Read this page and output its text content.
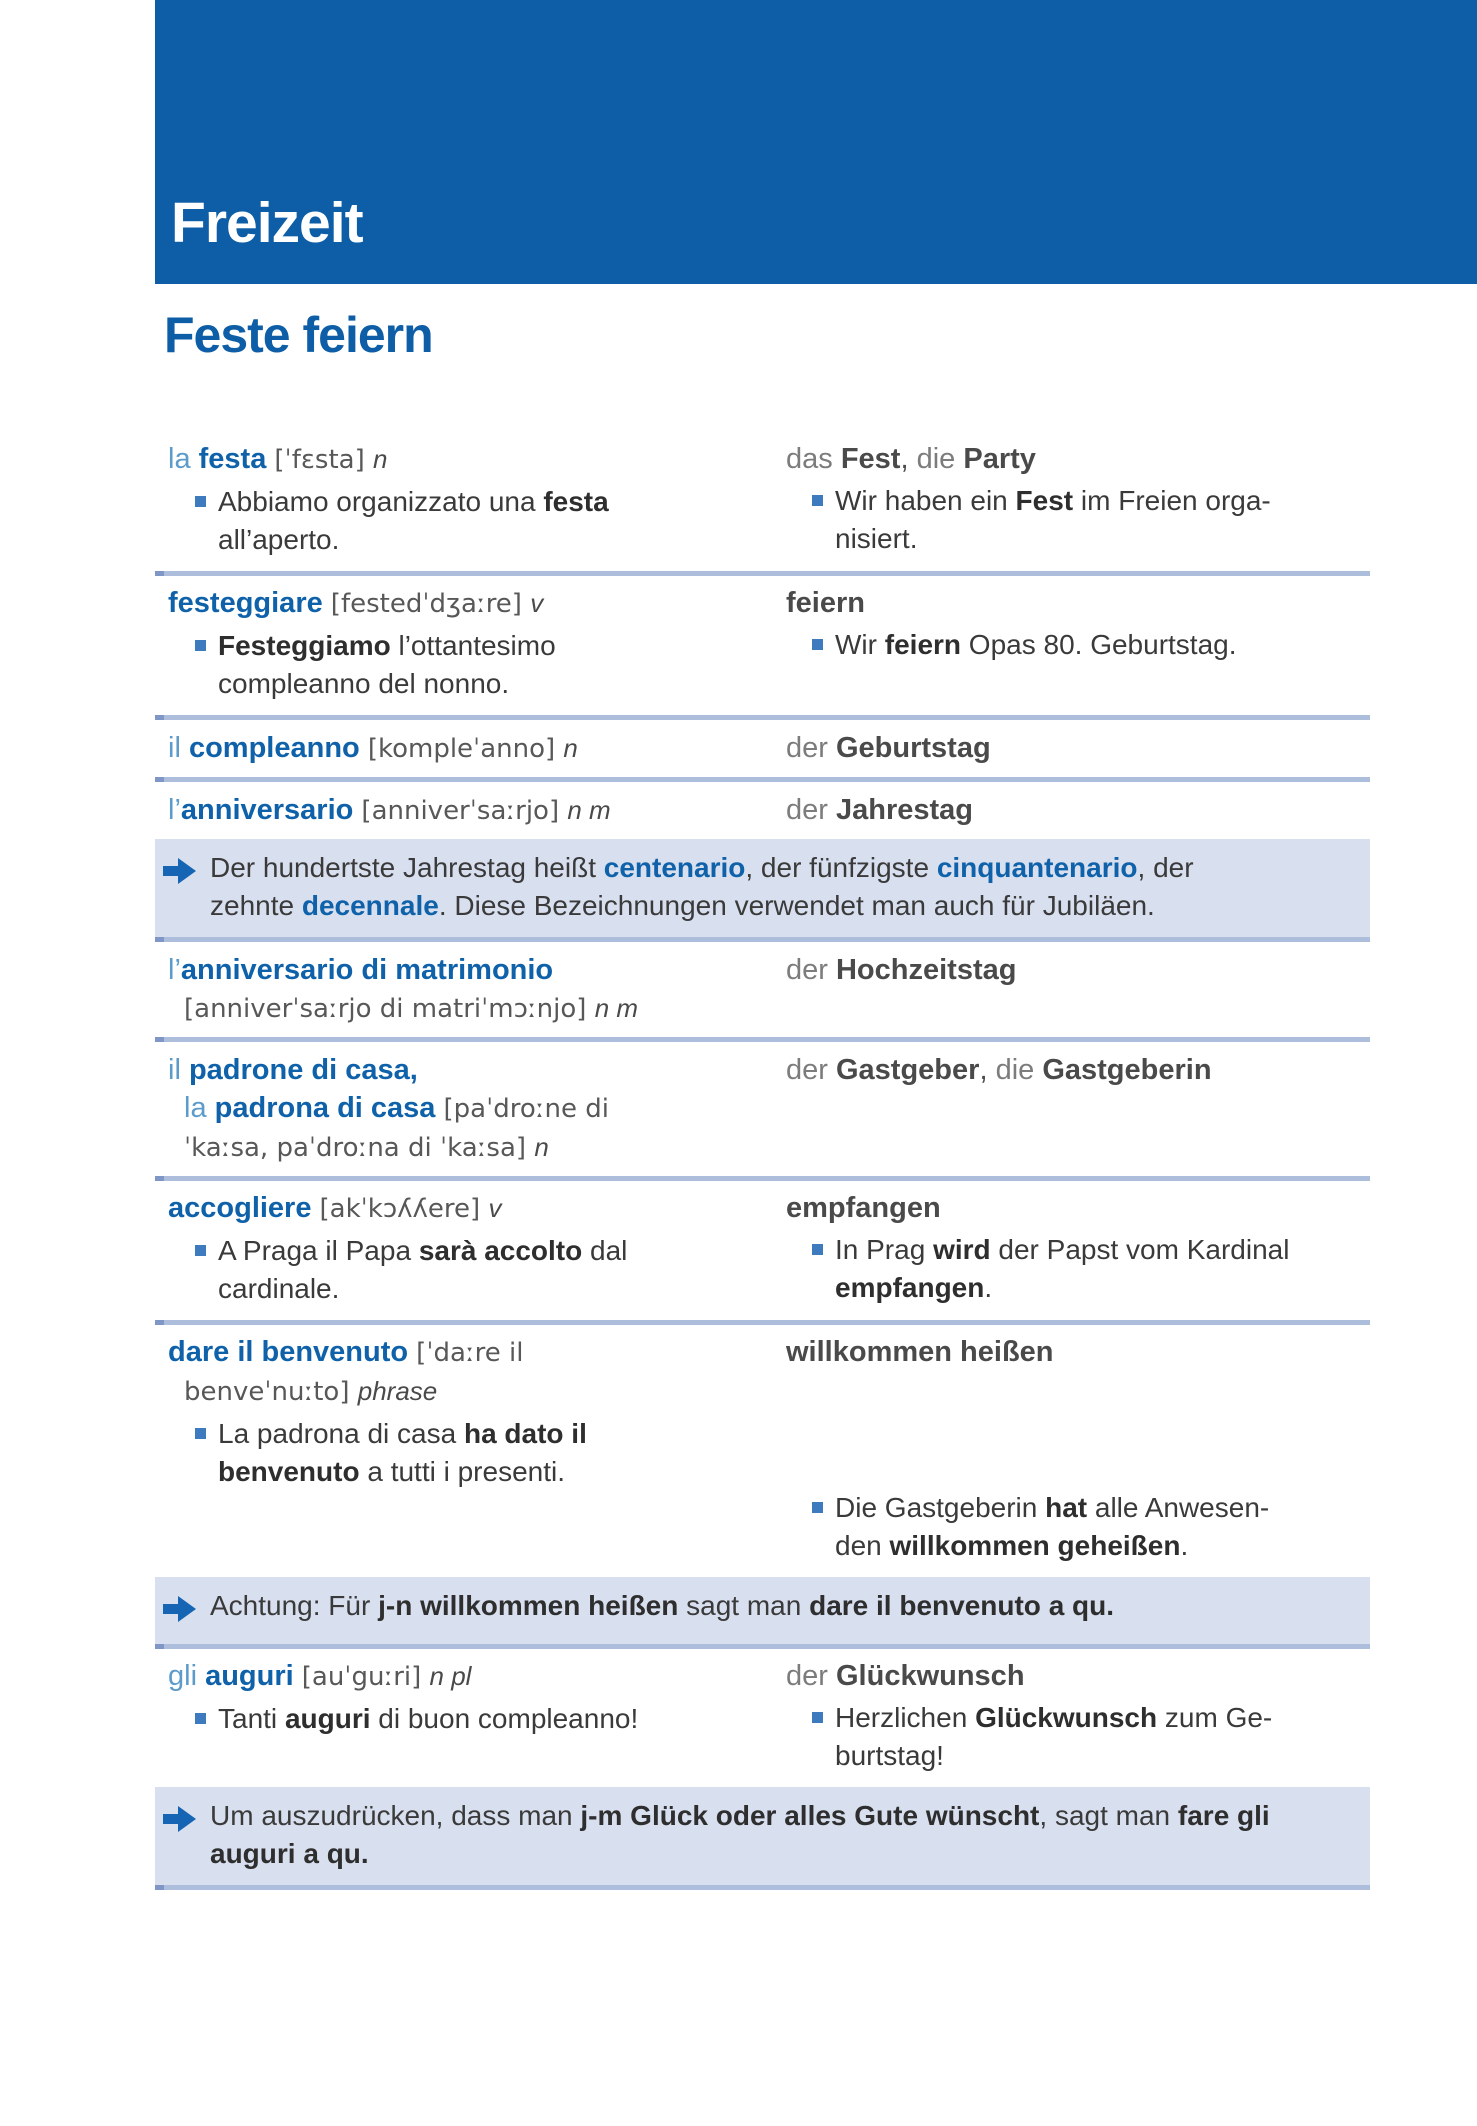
Freizeit
Feste feiern
la festa [ˈfɛsta] n
Abbiamo organizzato una festa
all’aperto.
das Fest, die Party
Wir haben ein Fest im Freien orga-
nisiert.
festeggiare [festedˈdʒaːre] v
Festeggiamo l’ottantesimo
compleanno del nonno.
feiern
Wir feiern Opas 80. Geburtstag.
il compleanno [kompleˈanno] n	der Geburtstag
l’anniversario [anniverˈsaːrjo] n m	der Jahrestag
Der hundertste Jahrestag heißt centenario, der fünfzigste cinquantenario, der
zehnte decennale. Diese Bezeichnungen verwendet man auch für Jubiläen.
l’anniversario di matrimonio
[anniverˈsaːrjo di matriˈmɔːnjo] n m
der Hochzeitstag
il padrone di casa,
la padrona di casa [paˈdroːne di
ˈkaːsa, paˈdroːna di ˈkaːsa] n
der Gastgeber, die Gastgeberin
accogliere [akˈkɔʎʎere] v
A Praga il Papa sarà accolto dal
cardinale.
empfangen
In Prag wird der Papst vom Kardinal
empfangen.
dare il benvenuto [ˈdaːre il
benveˈnuːto] phrase
La padrona di casa ha dato il
benvenuto a tutti i presenti.
willkommen heißen
Die Gastgeberin hat alle Anwesen-
den willkommen geheißen.
Achtung: Für j-n willkommen heißen sagt man dare il benvenuto a qu.
gli auguri [auˈguːri] n pl
Tanti auguri di buon compleanno!
der Glückwunsch
Herzlichen Glückwunsch zum Ge-
burtstag!
Um auszudrücken, dass man j-m Glück oder alles Gute wünscht, sagt man fare gli
auguri a qu.
